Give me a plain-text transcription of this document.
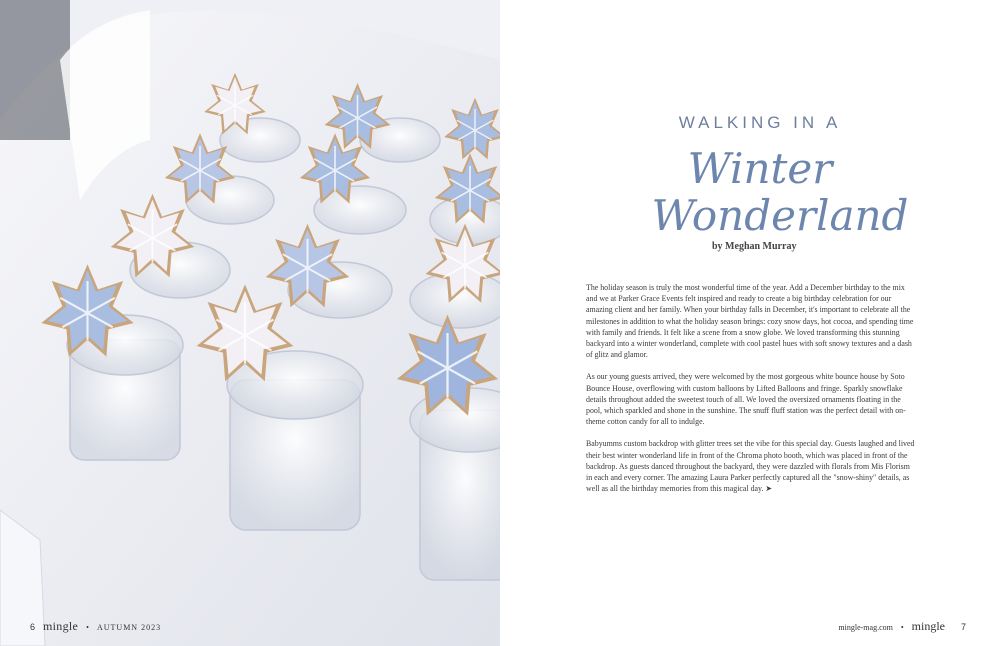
6 mingle • AUTUMN 2023
WALKING IN A
Winter
Wonderland
by Meghan Murray

The holiday season is truly the most wonderful time of the year. Add a December birthday to the mix and we at Parker Grace Events felt inspired and ready to create a big birthday celebration for our amazing client and her family. When your birthday falls in December, it's important to celebrate all the milestones in addition to what the holiday season brings: cozy snow days, hot cocoa, and spending time with family and friends. It felt like a scene from a snow globe. We loved transforming this stunning backyard into a winter wonderland, complete with cool pastel hues with soft snowy textures and a dash of glitz and glamor.

As our young guests arrived, they were welcomed by the most gorgeous white bounce house by Soto Bounce House, overflowing with custom balloons by Lifted Balloons and fringe. Sparkly snowflake details throughout added the sweetest touch of all. We loved the oversized ornaments floating in the pool, which sparkled and shone in the sunshine. The snuff fluff station was the perfect detail with on-theme cotton candy for all to indulge.

Babyumms custom backdrop with glitter trees set the vibe for this special day. Guests laughed and lived their best winter wonderland life in front of the Chroma photo booth, which was placed in front of the backdrop. As guests danced throughout the backyard, they were dazzled with florals from Mis Florism in each and every corner. The amazing Laura Parker perfectly captured all the "snow-shiny" details, as well as all the birthday memories from this magical day. ➤

mingle-mag.com • mingle 7
